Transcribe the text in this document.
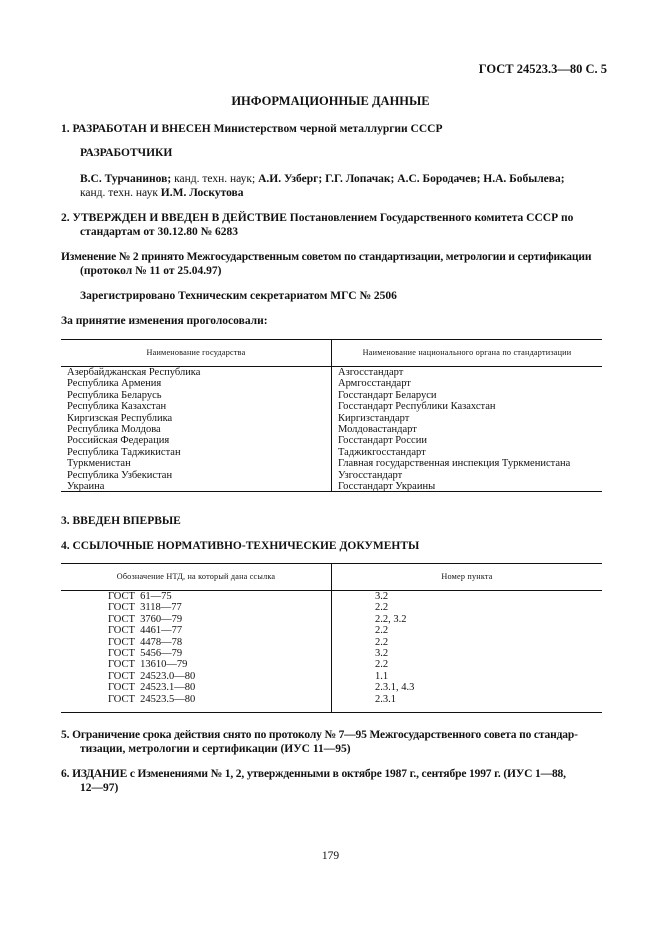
ГОСТ 24523.3—80 С. 5
ИНФОРМАЦИОННЫЕ ДАННЫЕ
1. РАЗРАБОТАН И ВНЕСЕН Министерством черной металлургии СССР
РАЗРАБОТЧИКИ
В.С. Турчанинов; канд. техн. наук; А.И. Узберг; Г.Г. Лопачак; А.С. Бородачев; Н.А. Бобылева;
канд. техн. наук И.М. Лоскутова
2. УТВЕРЖДЕН И ВВЕДЕН В ДЕЙСТВИЕ Постановлением Государственного комитета СССР по
стандартам от 30.12.80 № 6283
Изменение № 2 принято Межгосударственным советом по стандартизации, метрологии и сертификации
(протокол № 11 от 25.04.97)
Зарегистрировано Техническим секретариатом МГС № 2506
За принятие изменения проголосовали:
Наименование государства	Наименование национального органа по стандартизации
Азербайджанская Республика
Республика Армения
Республика Беларусь
Республика Казахстан
Киргизская Республика
Республика Молдова
Российская Федерация
Республика Таджикистан
Туркменистан
Республика Узбекистан
Украина
Азгосстандарт
Армгосстандарт
Госстандарт Беларуси
Госстандарт Республики Казахстан
Киргизстандарт
Молдовастандарт
Госстандарт России
Таджикгосстандарт
Главная государственная инспекция Туркменистана
Узгосстандарт
Госстандарт Украины
3. ВВЕДЕН ВПЕРВЫЕ
4. ССЫЛОЧНЫЕ НОРМАТИВНО-ТЕХНИЧЕСКИЕ ДОКУМЕНТЫ
Обозначение НТД, на который дана ссылка	Номер пункта
ГОСТ  61—75
ГОСТ  3118—77
ГОСТ  3760—79
ГОСТ  4461—77
ГОСТ  4478—78
ГОСТ  5456—79
ГОСТ  13610—79
ГОСТ  24523.0—80
ГОСТ  24523.1—80
ГОСТ  24523.5—80
3.2
2.2
2.2, 3.2
2.2
2.2
3.2
2.2
1.1
2.3.1, 4.3
2.3.1
5. Ограничение срока действия снято по протоколу № 7—95 Межгосударственного совета по стандар-
тизации, метрологии и сертификации (ИУС 11—95)
6. ИЗДАНИЕ с Изменениями № 1, 2, утвержденными в октябре 1987 г., сентябре 1997 г. (ИУС 1—88,
12—97)
179
